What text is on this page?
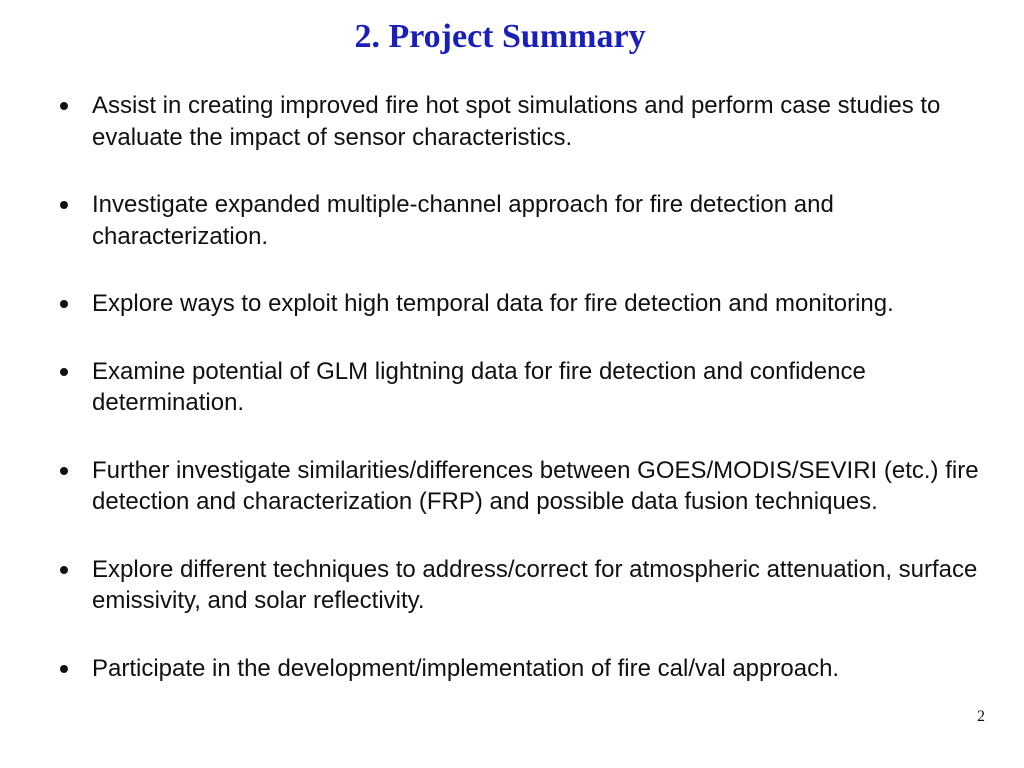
2. Project Summary
Assist in creating improved fire hot spot simulations and perform case studies to evaluate the impact of sensor characteristics.
Investigate expanded multiple-channel approach for fire detection and characterization.
Explore ways to exploit high temporal data for fire detection and monitoring.
Examine potential of GLM lightning data for fire detection and confidence determination.
Further investigate similarities/differences between GOES/MODIS/SEVIRI (etc.) fire detection and characterization (FRP) and possible data fusion techniques.
Explore different techniques to address/correct for atmospheric attenuation, surface emissivity, and solar reflectivity.
Participate in the development/implementation of fire cal/val approach.
2
